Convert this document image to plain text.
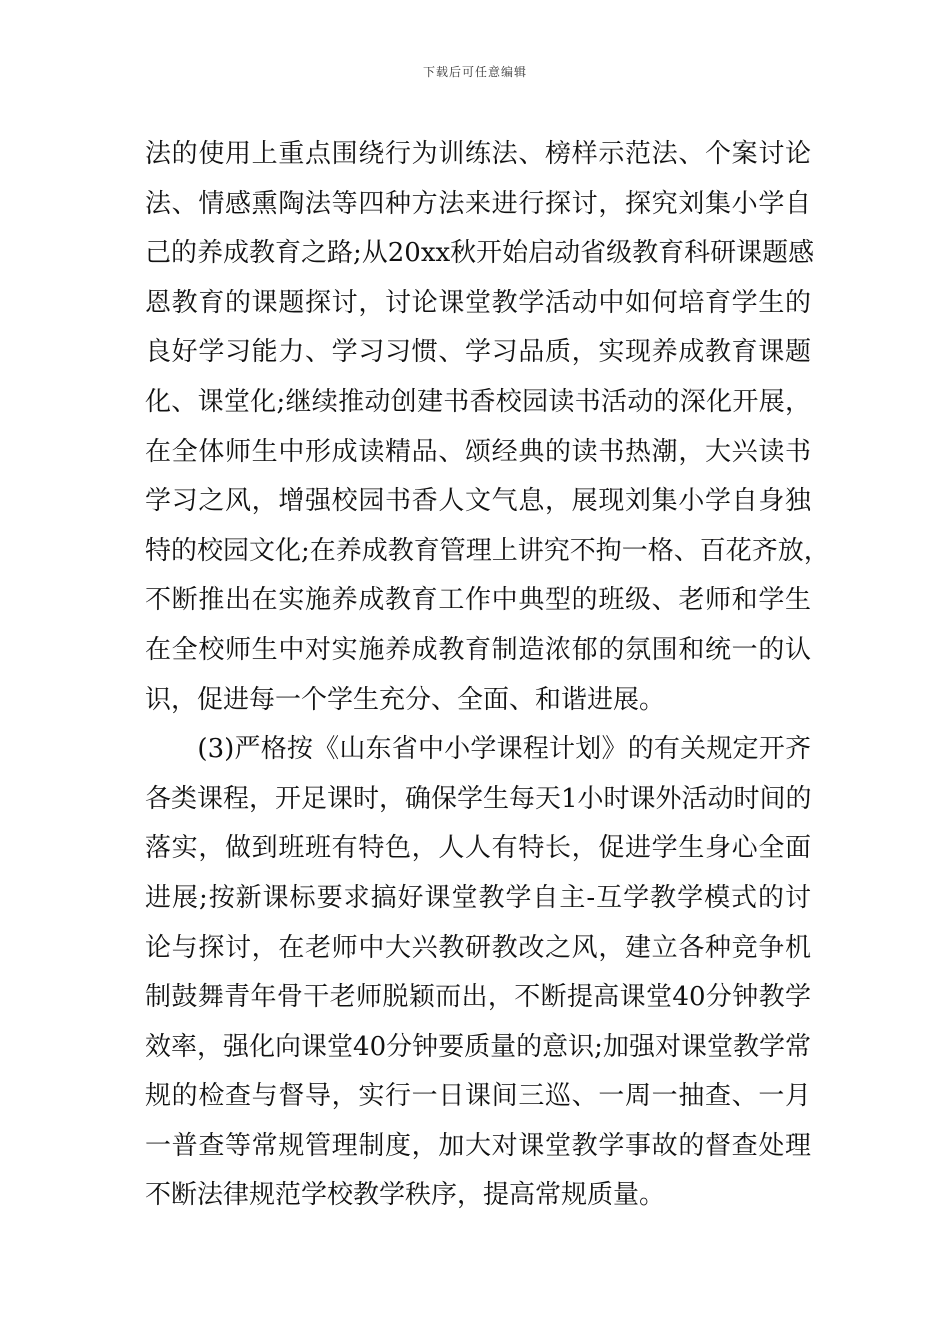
下载后可任意编辑
法的使用上重点围绕行为训练法、榜样示范法、个案讨论
法、情感熏陶法等四种方法来进行探讨，探究刘集小学自
己的养成教育之路;从20xx秋开始启动省级教育科研课题感
恩教育的课题探讨，讨论课堂教学活动中如何培育学生的
良好学习能力、学习习惯、学习品质，实现养成教育课题
化、课堂化;继续推动创建书香校园读书活动的深化开展，
在全体师生中形成读精品、颂经典的读书热潮，大兴读书
学习之风，增强校园书香人文气息，展现刘集小学自身独
特的校园文化;在养成教育管理上讲究不拘一格、百花齐放，
不断推出在实施养成教育工作中典型的班级、老师和学生
在全校师生中对实施养成教育制造浓郁的氛围和统一的认
识，促进每一个学生充分、全面、和谐进展。
　　(3)严格按《山东省中小学课程计划》的有关规定开齐
各类课程，开足课时，确保学生每天1小时课外活动时间的
落实，做到班班有特色，人人有特长，促进学生身心全面
进展;按新课标要求搞好课堂教学自主-互学教学模式的讨
论与探讨，在老师中大兴教研教改之风，建立各种竞争机
制鼓舞青年骨干老师脱颖而出，不断提高课堂40分钟教学
效率，强化向课堂40分钟要质量的意识;加强对课堂教学常
规的检查与督导，实行一日课间三巡、一周一抽查、一月
一普查等常规管理制度，加大对课堂教学事故的督查处理
不断法律规范学校教学秩序，提高常规质量。
